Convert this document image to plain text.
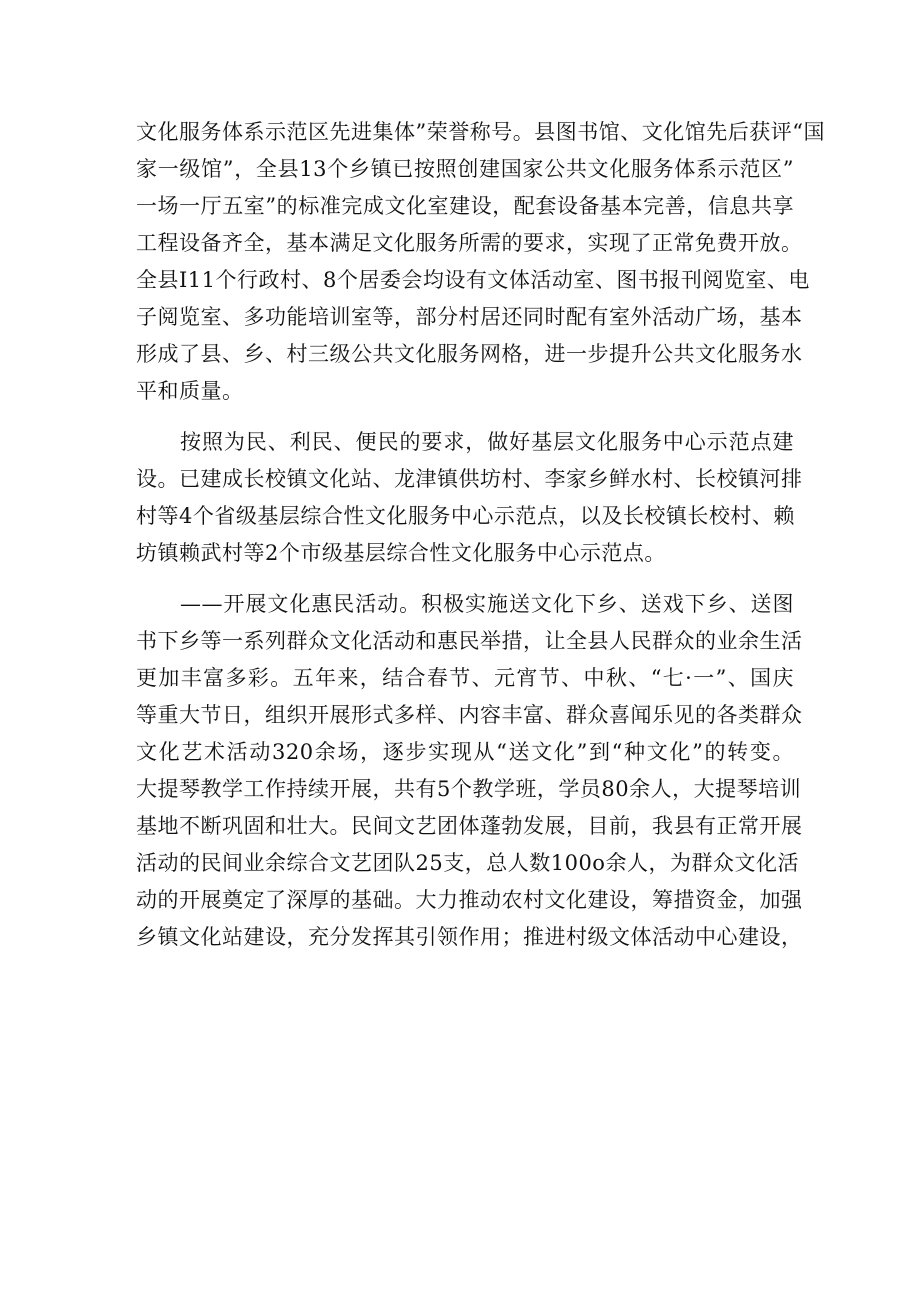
文化服务体系示范区先进集体”荣誉称号。县图书馆、文化馆先后获评“国
家一级馆”，全县13个乡镇已按照创建国家公共文化服务体系示范区”
一场一厅五室”的标准完成文化室建设，配套设备基本完善，信息共享
工程设备齐全，基本满足文化服务所需的要求，实现了正常免费开放。
全县I11个行政村、8个居委会均设有文体活动室、图书报刊阅览室、电
子阅览室、多功能培训室等，部分村居还同时配有室外活动广场，基本
形成了县、乡、村三级公共文化服务网格，进一步提升公共文化服务水
平和质量。
按照为民、利民、便民的要求，做好基层文化服务中心示范点建
设。已建成长校镇文化站、龙津镇供坊村、李家乡鲜水村、长校镇河排
村等4个省级基层综合性文化服务中心示范点，以及长校镇长校村、赖
坊镇赖武村等2个市级基层综合性文化服务中心示范点。
——开展文化惠民活动。积极实施送文化下乡、送戏下乡、送图
书下乡等一系列群众文化活动和惠民举措，让全县人民群众的业余生活
更加丰富多彩。五年来，结合春节、元宵节、中秋、“七·一”、国庆
等重大节日，组织开展形式多样、内容丰富、群众喜闻乐见的各类群众
文化艺术活动320余场，逐步实现从“送文化”到“种文化”的转变。
大提琴教学工作持续开展，共有5个教学班，学员80余人，大提琴培训
基地不断巩固和壮大。民间文艺团体蓬勃发展，目前，我县有正常开展
活动的民间业余综合文艺团队25支，总人数100o余人，为群众文化活
动的开展奠定了深厚的基础。大力推动农村文化建设，筹措资金，加强
乡镇文化站建设，充分发挥其引领作用；推进村级文体活动中心建设，
